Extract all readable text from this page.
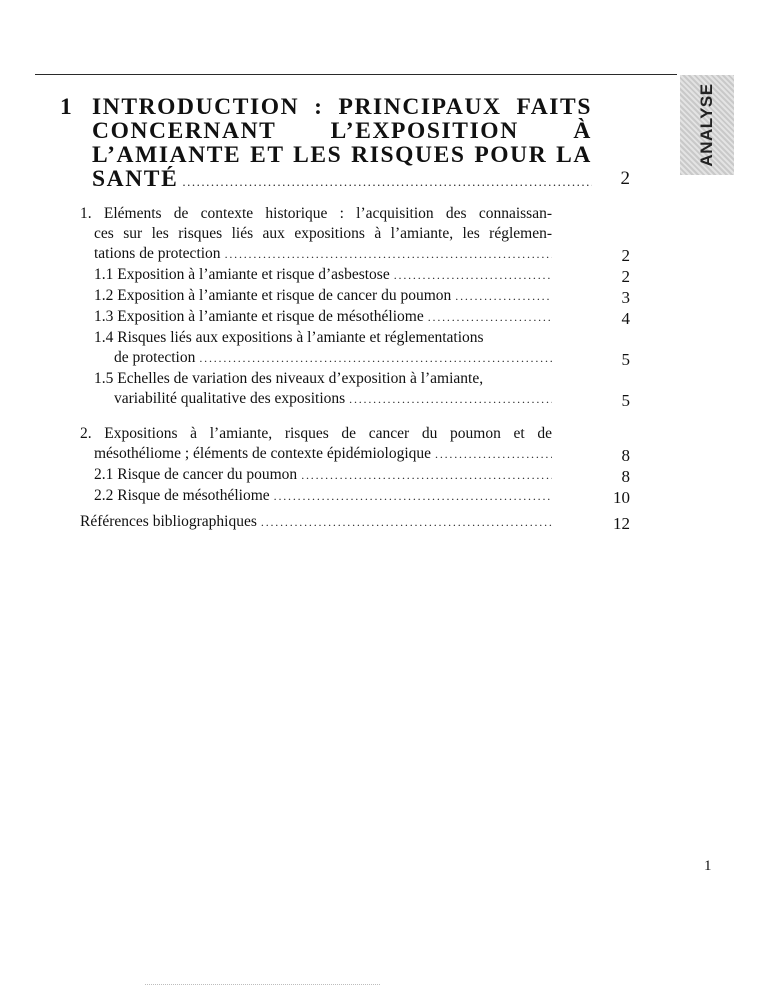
ANALYSE
1 INTRODUCTION : PRINCIPAUX FAITS
CONCERNANT L’EXPOSITION À
L’AMIANTE ET LES RISQUES POUR LA
SANTÉ .....	2
1. Eléments de contexte historique : l’acquisition des connaissan-
ces sur les risques liés aux expositions à l’amiante, les réglemen-
tations de protection .....	2
1.1 Exposition à l’amiante et risque d’asbestose .....	2
1.2 Exposition à l’amiante et risque de cancer du poumon .....	3
1.3 Exposition à l’amiante et risque de mésothéliome .....	4
1.4 Risques liés aux expositions à l’amiante et réglementations
de protection .....	5
1.5 Echelles de variation des niveaux d’exposition à l’amiante,
variabilité qualitative des expositions .....	5
2. Expositions à l’amiante, risques de cancer du poumon et de
mésothéliome ; éléments de contexte épidémiologique .....	8
2.1 Risque de cancer du poumon .....	8
2.2 Risque de mésothéliome .....	10
Références bibliographiques .....	12
1
